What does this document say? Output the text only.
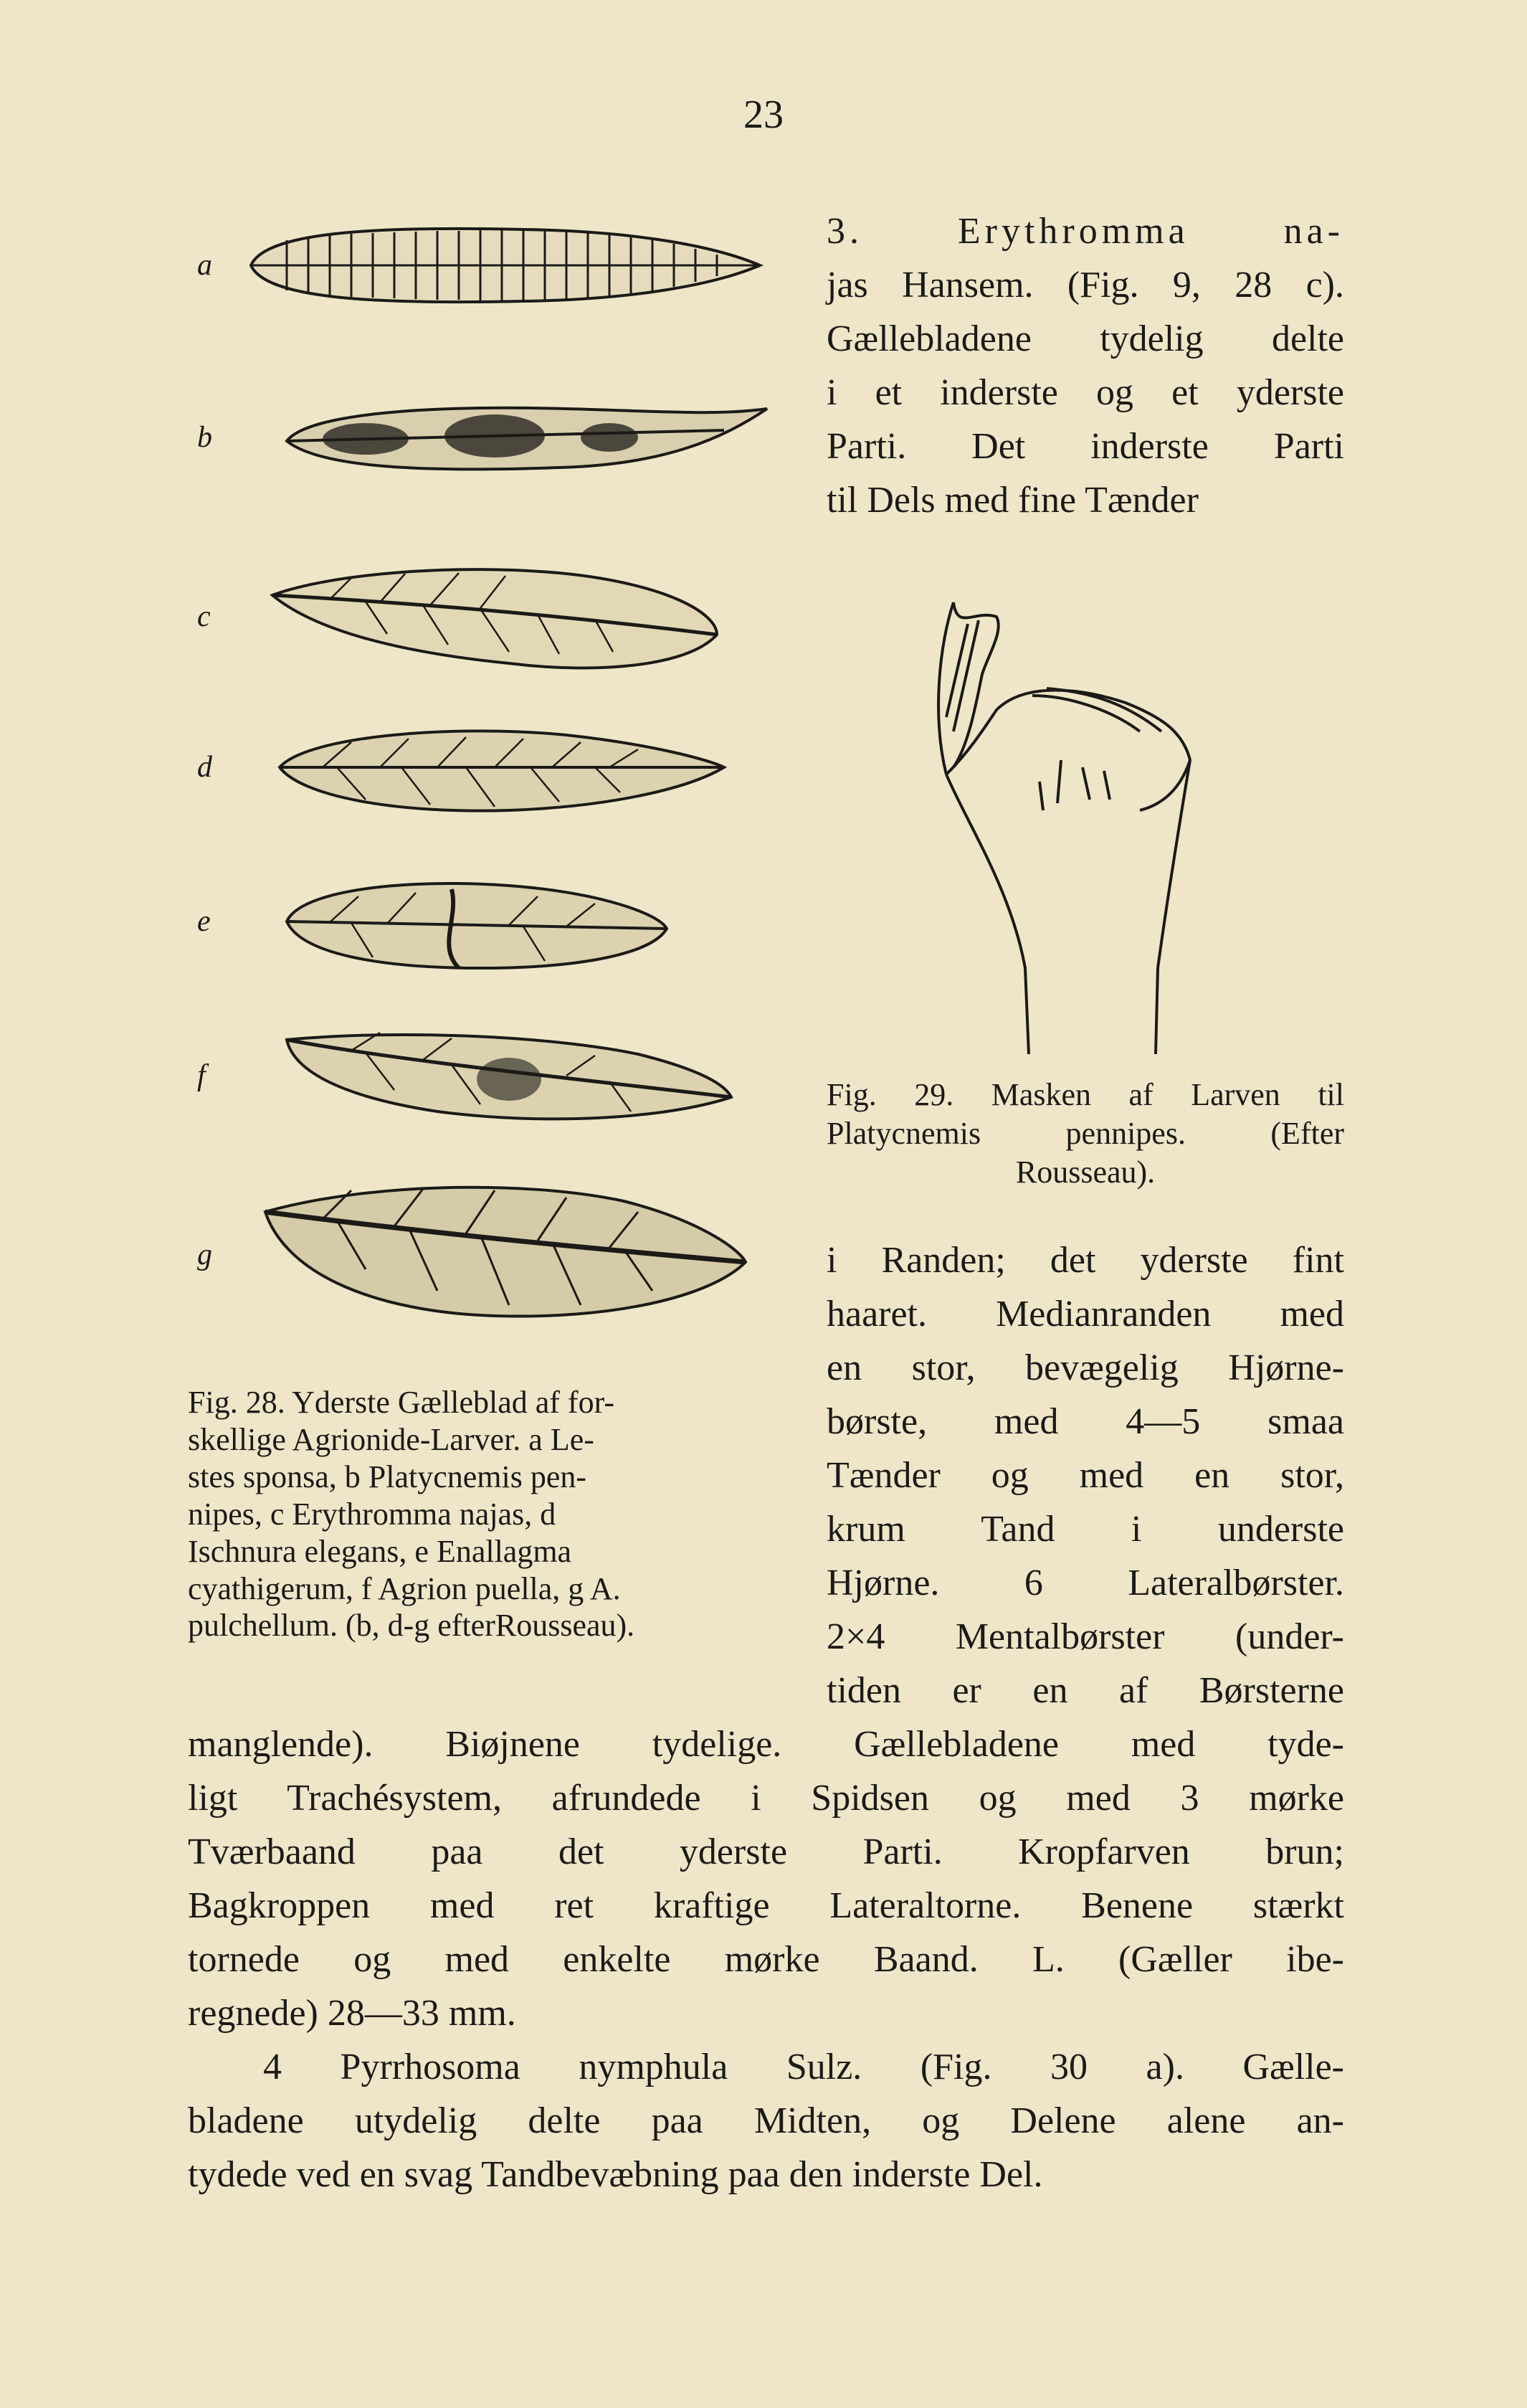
23
a
b
c
d
e
f
g

Fig. 28. Yderste Gælleblad af for-

skellige Agrionide-Larver. a Le-

stes sponsa, b Platycnemis pen-

nipes, c Erythromma najas, d

Ischnura elegans, e Enallagma

cyathigerum, f Agrion puella, g A.

pulchellum. (b, d-g efterRousseau).

3. Erythromma na-

jas Hansem. (Fig. 9, 28 c).

Gællebladene tydelig delte

i et inderste og et yderste

Parti. Det inderste Parti

til Dels med fine Tænder

Fig. 29. Masken af Larven til
Platycnemis pennipes. (Efter
Rousseau).

i Randen; det yderste fint

haaret. Medianranden med

en stor, bevægelig Hjørne-

børste, med 4—5 smaa

Tænder og med en stor,

krum Tand i underste

Hjørne. 6 Lateralbørster.

2×4 Mentalbørster (under-

tiden er en af Børsterne

manglende). Biøjnene tydelige. Gællebladene med tyde-

ligt Trachésystem, afrundede i Spidsen og med 3 mørke

Tværbaand paa det yderste Parti. Kropfarven brun;

Bagkroppen med ret kraftige Lateraltorne. Benene stærkt

tornede og med enkelte mørke Baand. L. (Gæller ibe-

regnede) 28—33 mm.

4 Pyrrhosoma nymphula Sulz. (Fig. 30 a). Gælle-

bladene utydelig delte paa Midten, og Delene alene an-

tydede ved en svag Tandbevæbning paa den inderste Del.
